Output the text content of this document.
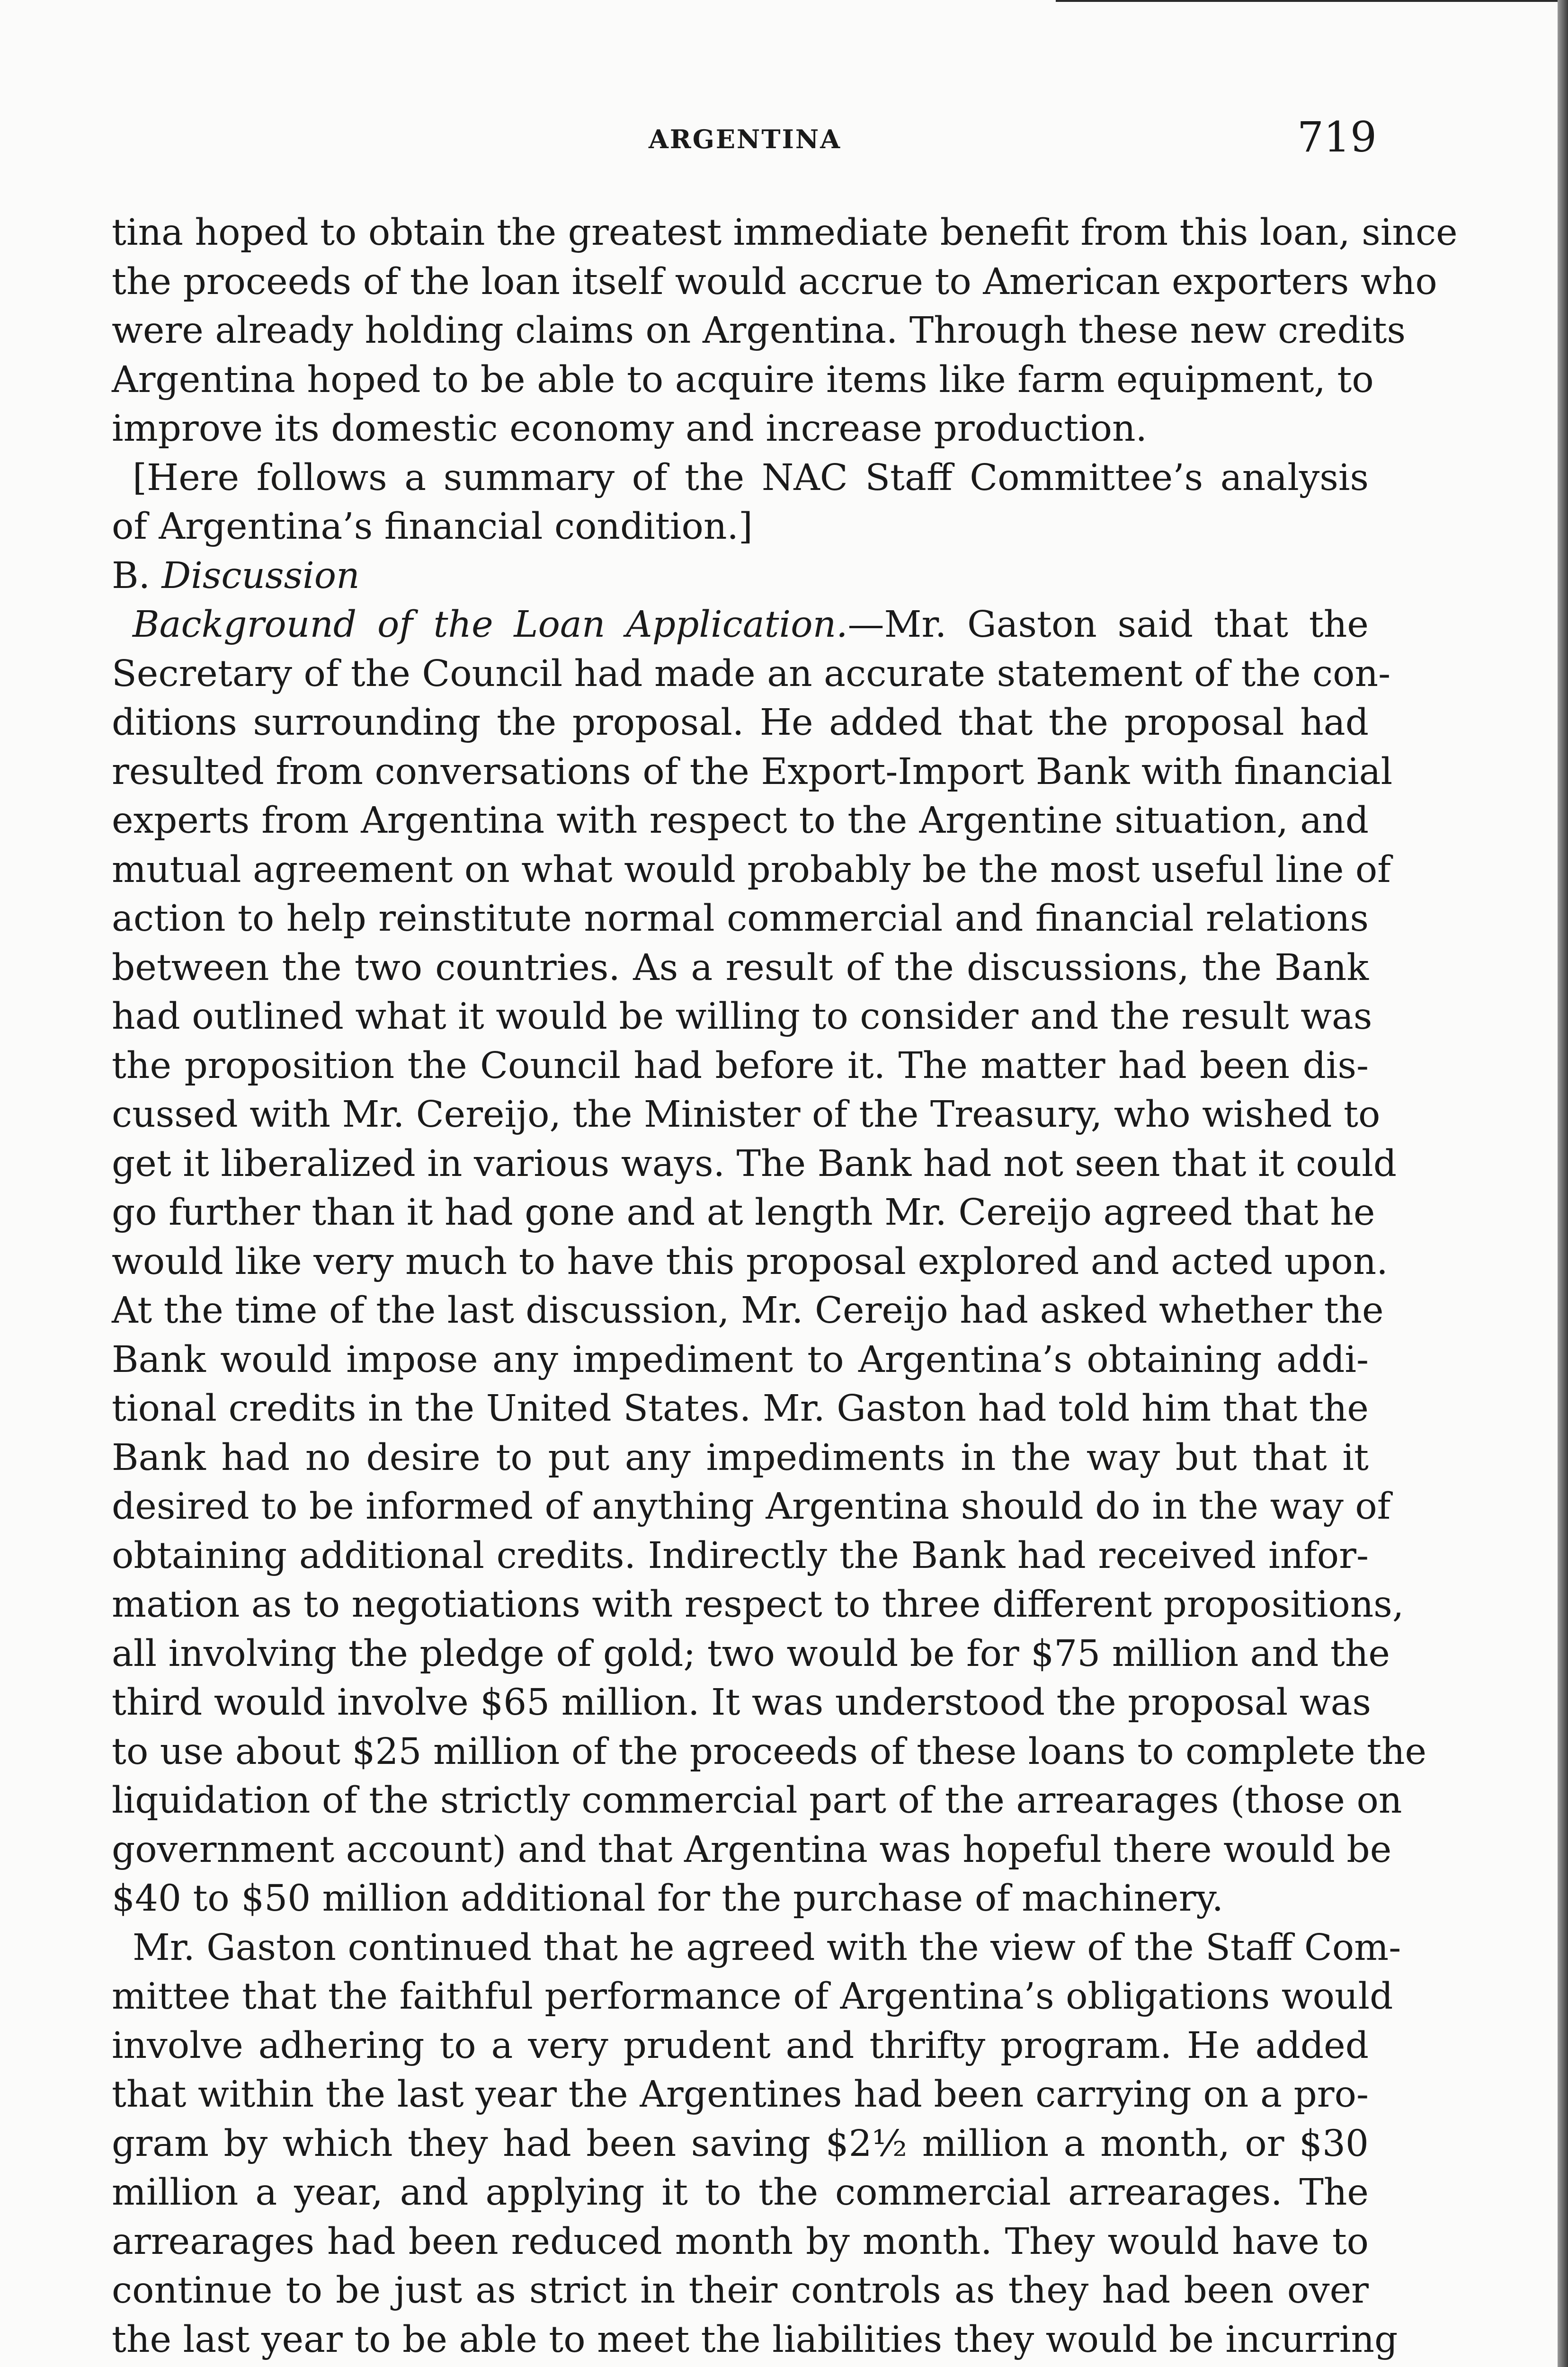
ARGENTINA	719
tina hoped to obtain the greatest immediate benefit from this loan, since
the proceeds of the loan itself would accrue to American exporters who
were already holding claims on Argentina. Through these new credits
Argentina hoped to be able to acquire items like farm equipment, to
improve its domestic economy and increase production.
[Here follows a summary of the NAC Staff Committee’s analysis
of Argentina’s financial condition.]
B. Discussion
Background of the Loan Application.—Mr. Gaston said that the
Secretary of the Council had made an accurate statement of the con-
ditions surrounding the proposal. He added that the proposal had
resulted from conversations of the Export-Import Bank with financial
experts from Argentina with respect to the Argentine situation, and
mutual agreement on what would probably be the most useful line of
action to help reinstitute normal commercial and financial relations
between the two countries. As a result of the discussions, the Bank
had outlined what it would be willing to consider and the result was
the proposition the Council had before it. The matter had been dis-
cussed with Mr. Cereijo, the Minister of the Treasury, who wished to
get it liberalized in various ways. The Bank had not seen that it could
go further than it had gone and at length Mr. Cereijo agreed that he
would like very much to have this proposal explored and acted upon.
At the time of the last discussion, Mr. Cereijo had asked whether the
Bank would impose any impediment to Argentina’s obtaining addi-
tional credits in the United States. Mr. Gaston had told him that the
Bank had no desire to put any impediments in the way but that it
desired to be informed of anything Argentina should do in the way of
obtaining additional credits. Indirectly the Bank had received infor-
mation as to negotiations with respect to three different propositions,
all involving the pledge of gold; two would be for $75 million and the
third would involve $65 million. It was understood the proposal was
to use about $25 million of the proceeds of these loans to complete the
liquidation of the strictly commercial part of the arrearages (those on
government account) and that Argentina was hopeful there would be
$40 to $50 million additional for the purchase of machinery.
Mr. Gaston continued that he agreed with the view of the Staff Com-
mittee that the faithful performance of Argentina’s obligations would
involve adhering to a very prudent and thrifty program. He added
that within the last year the Argentines had been carrying on a pro-
gram by which they had been saving $2½ million a month, or $30
million a year, and applying it to the commercial arrearages. The
arrearages had been reduced month by month. They would have to
continue to be just as strict in their controls as they had been over
the last year to be able to meet the liabilities they would be incurring
